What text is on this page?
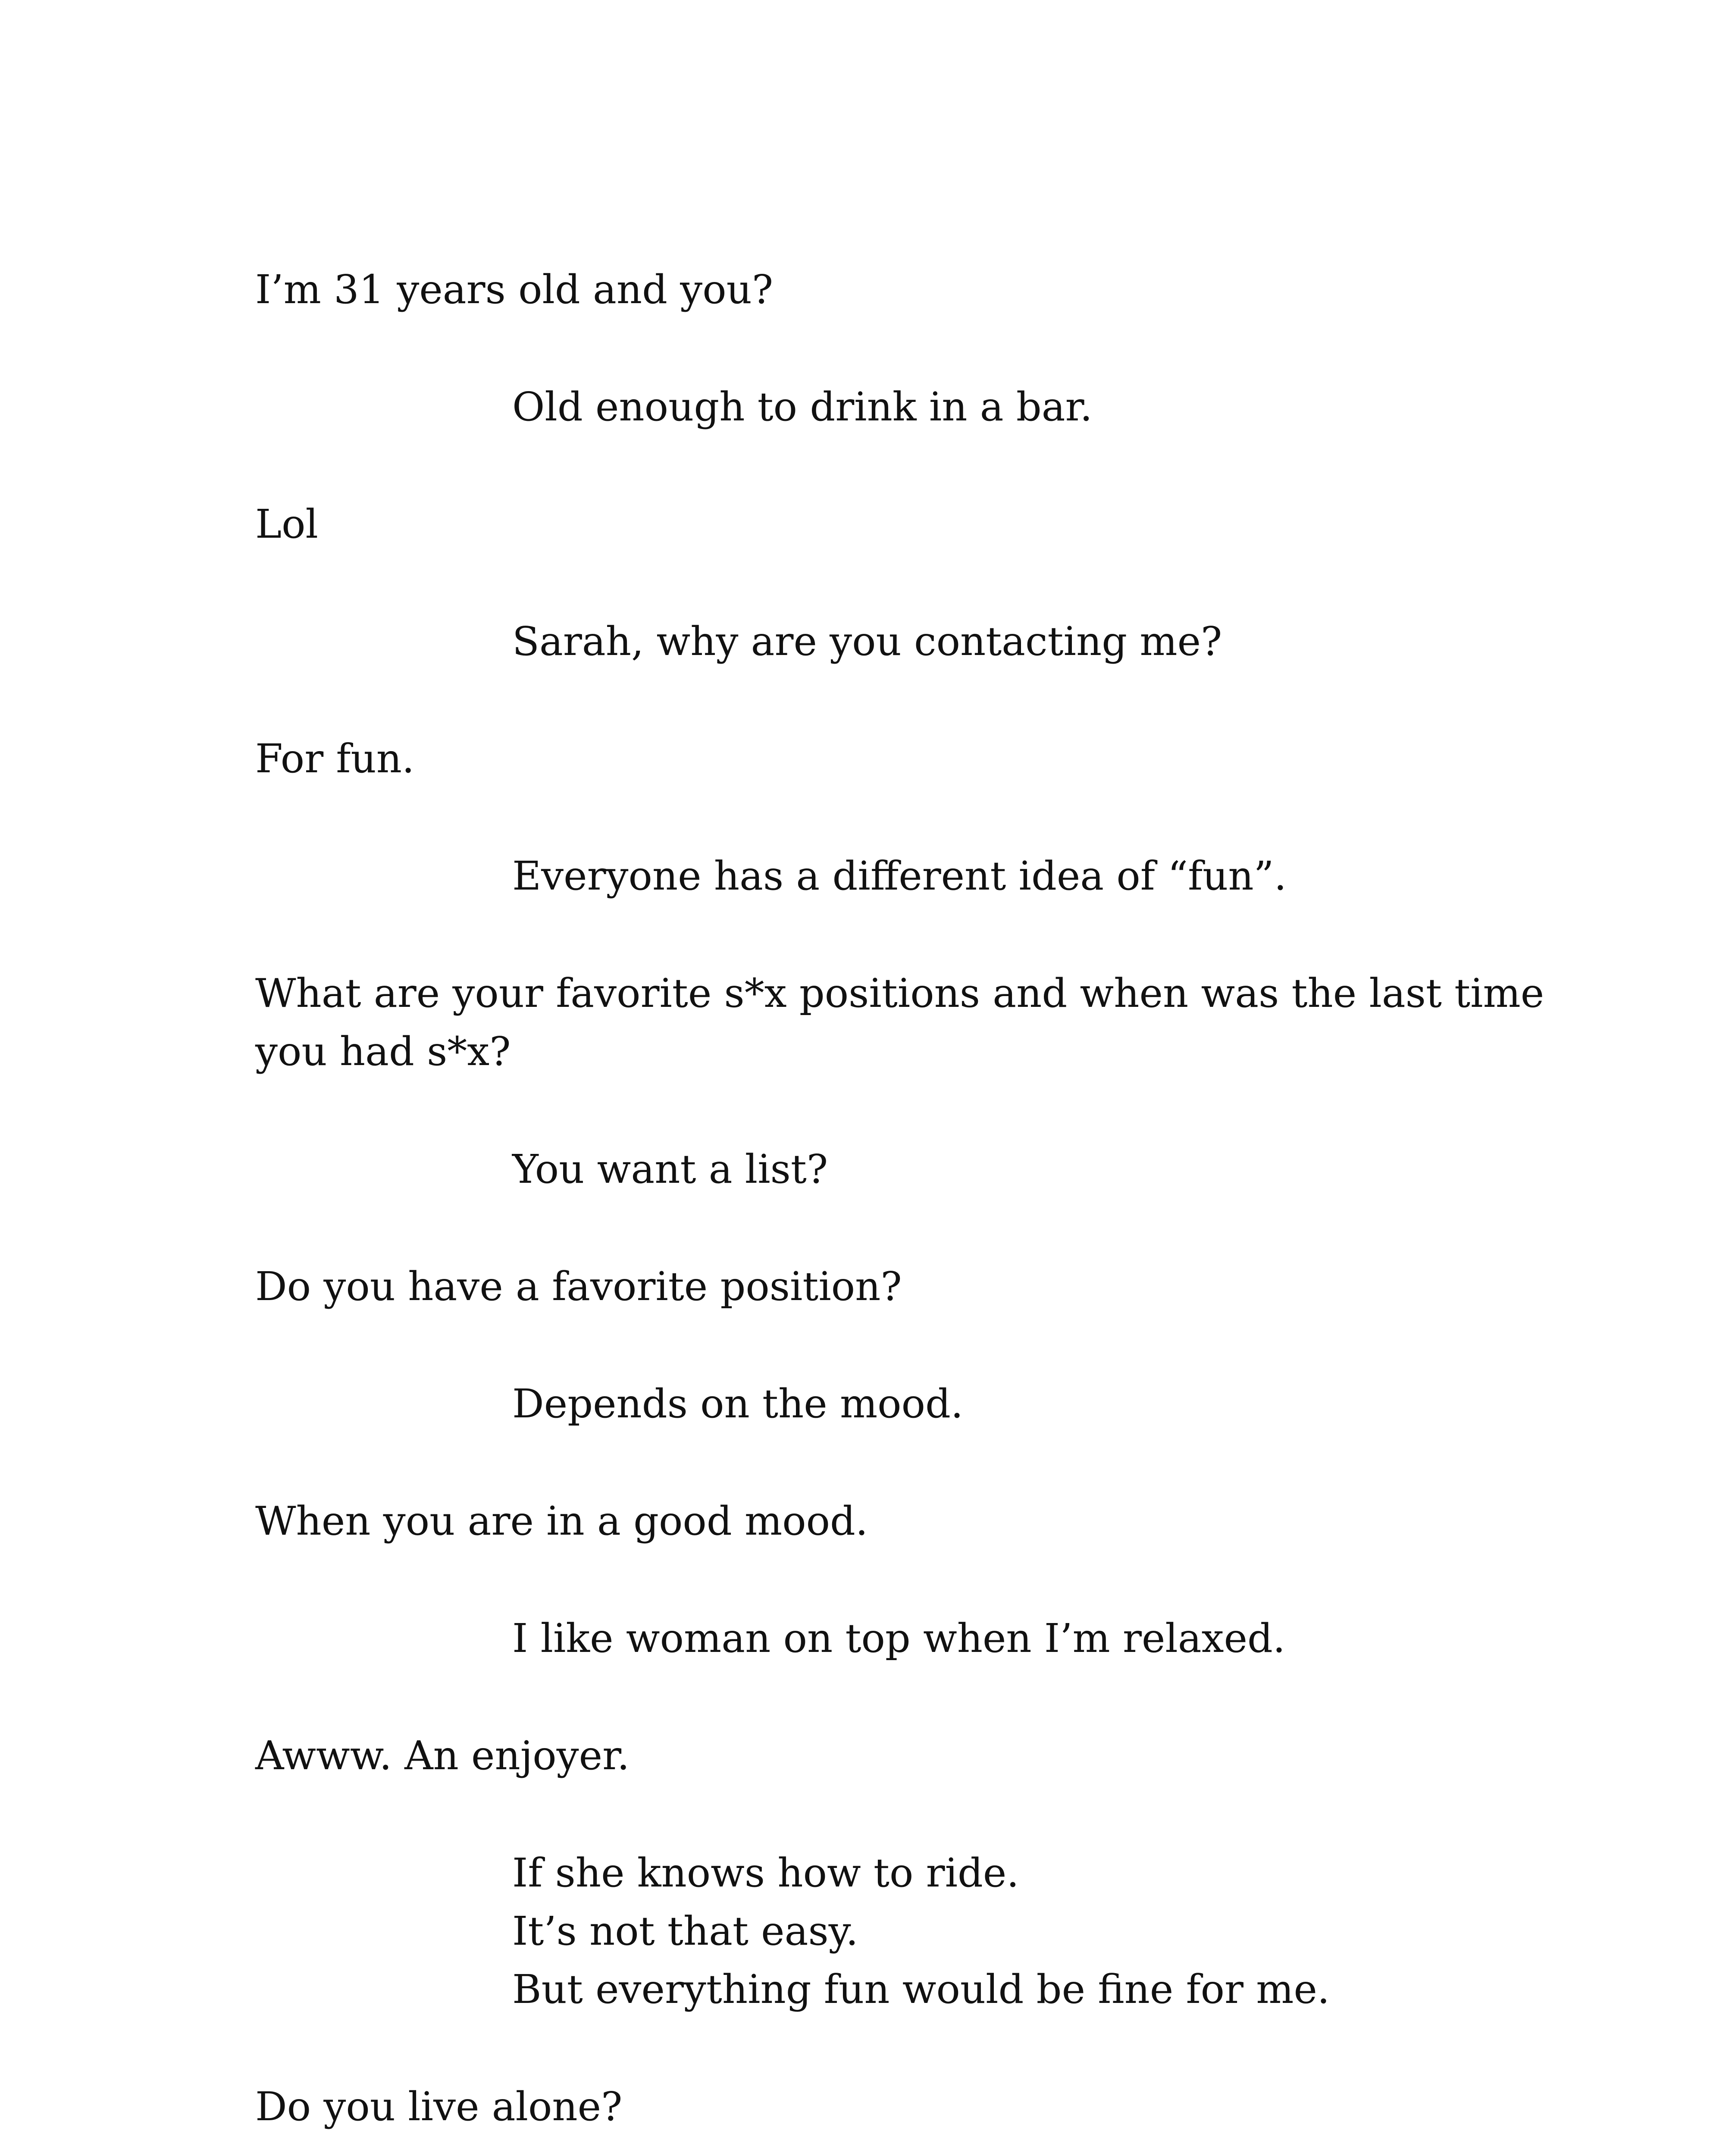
I’m 31 years old and you?

Old enough to drink in a bar.

Lol

Sarah, why are you contacting me?

For fun.

Everyone has a different idea of “fun”.

What are your favorite s*x positions and when was the last time
you had s*x?

You want a list?

Do you have a favorite position?

Depends on the mood.

When you are in a good mood.

I like woman on top when I’m relaxed.

Awww. An enjoyer.

If she knows how to ride.
It’s not that easy.
But everything fun would be fine for me.

Do you live alone?
